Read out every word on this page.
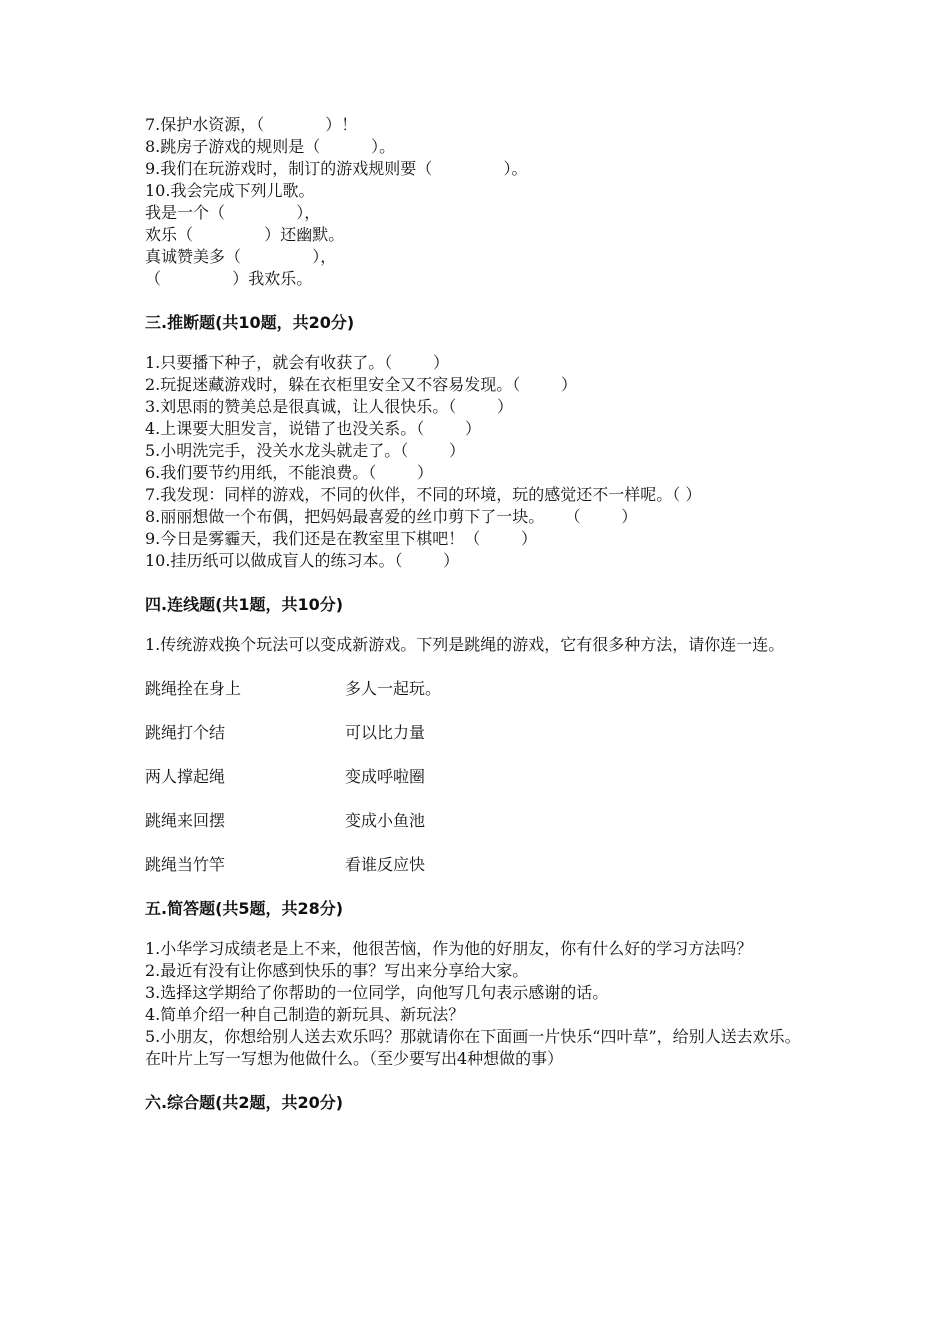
7.保护水资源，（            ）！
8.跳房子游戏的规则是（          ）。
9.我们在玩游戏时，制订的游戏规则要（              ）。
10.我会完成下列儿歌。
我是一个（              ），
欢乐（              ）还幽默。
真诚赞美多（              ），
（              ）我欢乐。
三.推断题(共10题，共20分)
1.只要播下种子，就会有收获了。（        ）
2.玩捉迷藏游戏时，躲在衣柜里安全又不容易发现。（        ）
3.刘思雨的赞美总是很真诚，让人很快乐。（        ）
4.上课要大胆发言，说错了也没关系。（        ）
5.小明洗完手，没关水龙头就走了。（        ）
6.我们要节约用纸，不能浪费。（        ）
7.我发现：同样的游戏，不同的伙伴，不同的环境，玩的感觉还不一样呢。（ ）
8.丽丽想做一个布偶，把妈妈最喜爱的丝巾剪下了一块。    （        ）
9.今日是雾霾天，我们还是在教室里下棋吧！（        ）
10.挂历纸可以做成盲人的练习本。（        ）
四.连线题(共1题，共10分)
1.传统游戏换个玩法可以变成新游戏。下列是跳绳的游戏，它有很多种方法，请你连一连。
跳绳拴在身上	多人一起玩。
跳绳打个结	可以比力量
两人撑起绳	变成呼啦圈
跳绳来回摆	变成小鱼池
跳绳当竹竿	看谁反应快
五.简答题(共5题，共28分)
1.小华学习成绩老是上不来，他很苦恼，作为他的好朋友，你有什么好的学习方法吗？
2.最近有没有让你感到快乐的事？写出来分享给大家。
3.选择这学期给了你帮助的一位同学，向他写几句表示感谢的话。
4.简单介绍一种自己制造的新玩具、新玩法？
5.小朋友，你想给别人送去欢乐吗？那就请你在下面画一片快乐“四叶草”，给别人送去欢乐。在叶片上写一写想为他做什么。（至少要写出4种想做的事）
六.综合题(共2题，共20分)
